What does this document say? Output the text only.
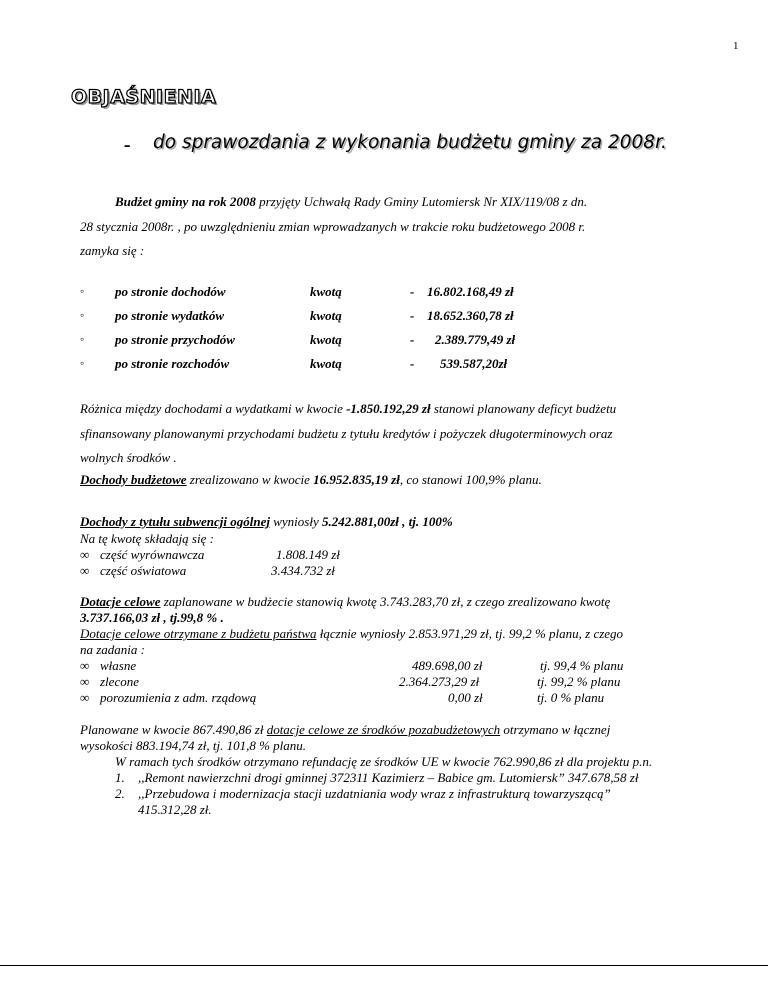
1
OBJAŚNIENIA
- do sprawozdania z wykonania budżetu gminy za 2008r.
Budżet gminy na rok 2008 przyjęty Uchwałą Rady Gminy Lutomiersk Nr XIX/119/08 z dn.
28 stycznia 2008r. , po uwzględnieniu zmian wprowadzanych w trakcie roku budżetowego 2008 r.
zamyka się :
◦ po stronie dochodów	kwotą	- 16.802.168,49 zł
◦ po stronie wydatków	kwotą	- 18.652.360,78 zł
◦ po stronie przychodów	kwotą	- 2.389.779,49 zł
◦ po stronie rozchodów	kwotą	- 539.587,20zł
Różnica między dochodami a wydatkami w kwocie -1.850.192,29 zł stanowi planowany deficyt budżetu
sfinansowany planowanymi przychodami budżetu z tytułu kredytów i pożyczek długoterminowych oraz
wolnych środków .
Dochody budżetowe zrealizowano w kwocie 16.952.835,19 zł, co stanowi 100,9% planu.
Dochody z tytułu subwencji ogólnej wyniosły 5.242.881,00zł , tj. 100%
Na tę kwotę składają się :
∞ część wyrównawcza	1.808.149 zł
∞ część oświatowa	3.434.732 zł
Dotacje celowe zaplanowane w budżecie stanowią kwotę 3.743.283,70 zł, z czego zrealizowano kwotę
3.737.166,03 zł , tj.99,8 % .
Dotacje celowe otrzymane z budżetu państwa łącznie wyniosły 2.853.971,29 zł, tj. 99,2 % planu, z czego
na zadania :
∞ własne	489.698,00 zł	tj. 99,4 % planu
∞ zlecone	2.364.273,29 zł	tj. 99,2 % planu
∞ porozumienia z adm. rządową	0,00 zł	tj. 0 % planu
Planowane w kwocie 867.490,86 zł dotacje celowe ze środków pozabudżetowych otrzymano w łącznej
wysokości 883.194,74 zł, tj. 101,8 % planu.
W ramach tych środków otrzymano refundację ze środków UE w kwocie 762.990,86 zł dla projektu p.n.
1. ,,Remont nawierzchni drogi gminnej 372311 Kazimierz – Babice gm. Lutomiersk” 347.678,58 zł
2. ,,Przebudowa i modernizacja stacji uzdatniania wody wraz z infrastrukturą towarzyszącą”
415.312,28 zł.
